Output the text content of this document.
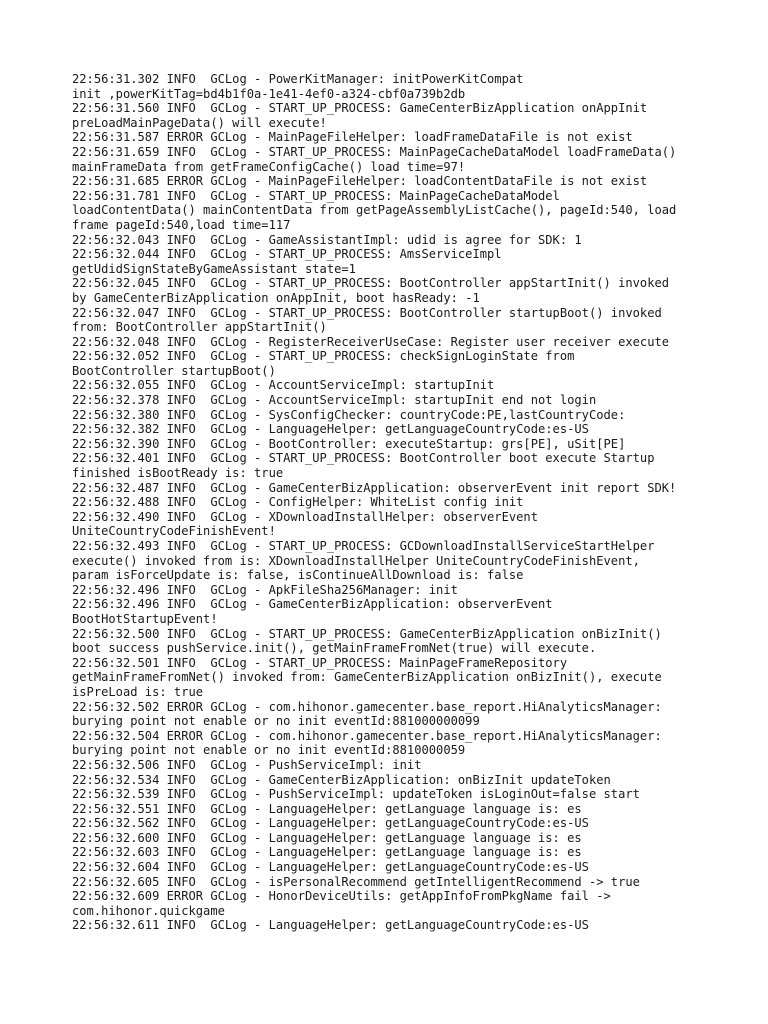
22:56:31.302 INFO  GCLog - PowerKitManager: initPowerKitCompat
init ,powerKitTag=bd4b1f0a-1e41-4ef0-a324-cbf0a739b2db
22:56:31.560 INFO  GCLog - START_UP_PROCESS: GameCenterBizApplication onAppInit
preLoadMainPageData() will execute!
22:56:31.587 ERROR GCLog - MainPageFileHelper: loadFrameDataFile is not exist
22:56:31.659 INFO  GCLog - START_UP_PROCESS: MainPageCacheDataModel loadFrameData()
mainFrameData from getFrameConfigCache() load time=97!
22:56:31.685 ERROR GCLog - MainPageFileHelper: loadContentDataFile is not exist
22:56:31.781 INFO  GCLog - START_UP_PROCESS: MainPageCacheDataModel
loadContentData() mainContentData from getPageAssemblyListCache(), pageId:540, load
frame pageId:540,load time=117
22:56:32.043 INFO  GCLog - GameAssistantImpl: udid is agree for SDK: 1
22:56:32.044 INFO  GCLog - START_UP_PROCESS: AmsServiceImpl
getUdidSignStateByGameAssistant state=1
22:56:32.045 INFO  GCLog - START_UP_PROCESS: BootController appStartInit() invoked
by GameCenterBizApplication onAppInit, boot hasReady: -1
22:56:32.047 INFO  GCLog - START_UP_PROCESS: BootController startupBoot() invoked
from: BootController appStartInit()
22:56:32.048 INFO  GCLog - RegisterReceiverUseCase: Register user receiver execute
22:56:32.052 INFO  GCLog - START_UP_PROCESS: checkSignLoginState from
BootController startupBoot()
22:56:32.055 INFO  GCLog - AccountServiceImpl: startupInit
22:56:32.378 INFO  GCLog - AccountServiceImpl: startupInit end not login
22:56:32.380 INFO  GCLog - SysConfigChecker: countryCode:PE,lastCountryCode:
22:56:32.382 INFO  GCLog - LanguageHelper: getLanguageCountryCode:es-US
22:56:32.390 INFO  GCLog - BootController: executeStartup: grs[PE], uSit[PE]
22:56:32.401 INFO  GCLog - START_UP_PROCESS: BootController boot execute Startup
finished isBootReady is: true
22:56:32.487 INFO  GCLog - GameCenterBizApplication: observerEvent init report SDK!
22:56:32.488 INFO  GCLog - ConfigHelper: WhiteList config init
22:56:32.490 INFO  GCLog - XDownloadInstallHelper: observerEvent
UniteCountryCodeFinishEvent!
22:56:32.493 INFO  GCLog - START_UP_PROCESS: GCDownloadInstallServiceStartHelper
execute() invoked from is: XDownloadInstallHelper UniteCountryCodeFinishEvent,
param isForceUpdate is: false, isContinueAllDownload is: false
22:56:32.496 INFO  GCLog - ApkFileSha256Manager: init
22:56:32.496 INFO  GCLog - GameCenterBizApplication: observerEvent
BootHotStartupEvent!
22:56:32.500 INFO  GCLog - START_UP_PROCESS: GameCenterBizApplication onBizInit()
boot success pushService.init(), getMainFrameFromNet(true) will execute.
22:56:32.501 INFO  GCLog - START_UP_PROCESS: MainPageFrameRepository
getMainFrameFromNet() invoked from: GameCenterBizApplication onBizInit(), execute
isPreLoad is: true
22:56:32.502 ERROR GCLog - com.hihonor.gamecenter.base_report.HiAnalyticsManager:
burying point not enable or no init eventId:881000000099
22:56:32.504 ERROR GCLog - com.hihonor.gamecenter.base_report.HiAnalyticsManager:
burying point not enable or no init eventId:8810000059
22:56:32.506 INFO  GCLog - PushServiceImpl: init
22:56:32.534 INFO  GCLog - GameCenterBizApplication: onBizInit updateToken
22:56:32.539 INFO  GCLog - PushServiceImpl: updateToken isLoginOut=false start
22:56:32.551 INFO  GCLog - LanguageHelper: getLanguage language is: es
22:56:32.562 INFO  GCLog - LanguageHelper: getLanguageCountryCode:es-US
22:56:32.600 INFO  GCLog - LanguageHelper: getLanguage language is: es
22:56:32.603 INFO  GCLog - LanguageHelper: getLanguage language is: es
22:56:32.604 INFO  GCLog - LanguageHelper: getLanguageCountryCode:es-US
22:56:32.605 INFO  GCLog - isPersonalRecommend getIntelligentRecommend -> true
22:56:32.609 ERROR GCLog - HonorDeviceUtils: getAppInfoFromPkgName fail ->
com.hihonor.quickgame
22:56:32.611 INFO  GCLog - LanguageHelper: getLanguageCountryCode:es-US
